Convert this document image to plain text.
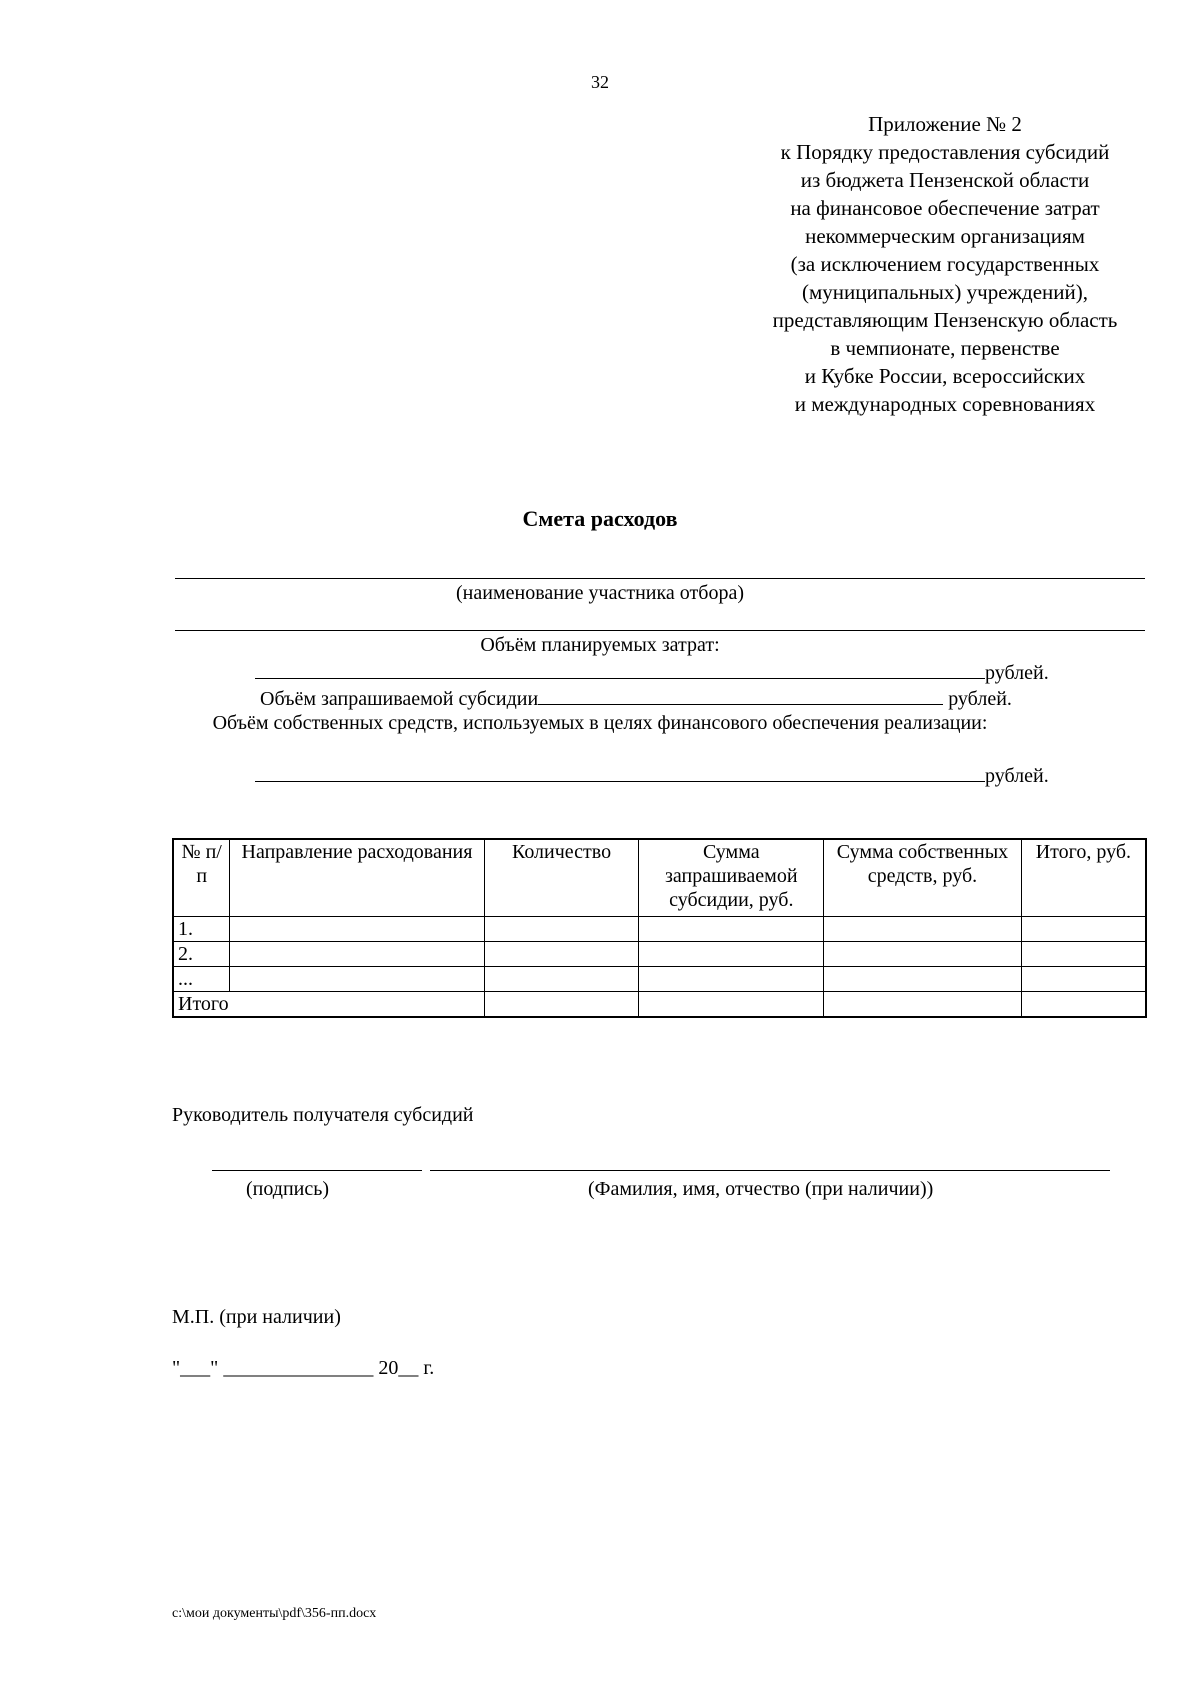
32
Приложение № 2
к Порядку предоставления субсидий
из бюджета Пензенской области
на финансовое обеспечение затрат
некоммерческим организациям
(за исключением государственных
(муниципальных) учреждений),
представляющим Пензенскую область
в чемпионате, первенстве
и Кубке России, всероссийских
и международных соревнованиях
Смета расходов
(наименование участника отбора)
Объём планируемых затрат:
рублей.
Объём запрашиваемой субсидии	рублей.
Объём собственных средств, используемых в целях финансового обеспечения реализации:
рублей.
№ п/п	Направление расходования	Количество	Сумма запрашиваемой субсидии, руб.	Сумма собственных средств, руб.	Итого, руб.
1.					
2.					
...					
Итого					
Руководитель получателя субсидий
(подпись)	(Фамилия, имя, отчество (при наличии))
М.П. (при наличии)
"___" _______________ 20__ г.
c:\мои документы\pdf\356-пп.docx
